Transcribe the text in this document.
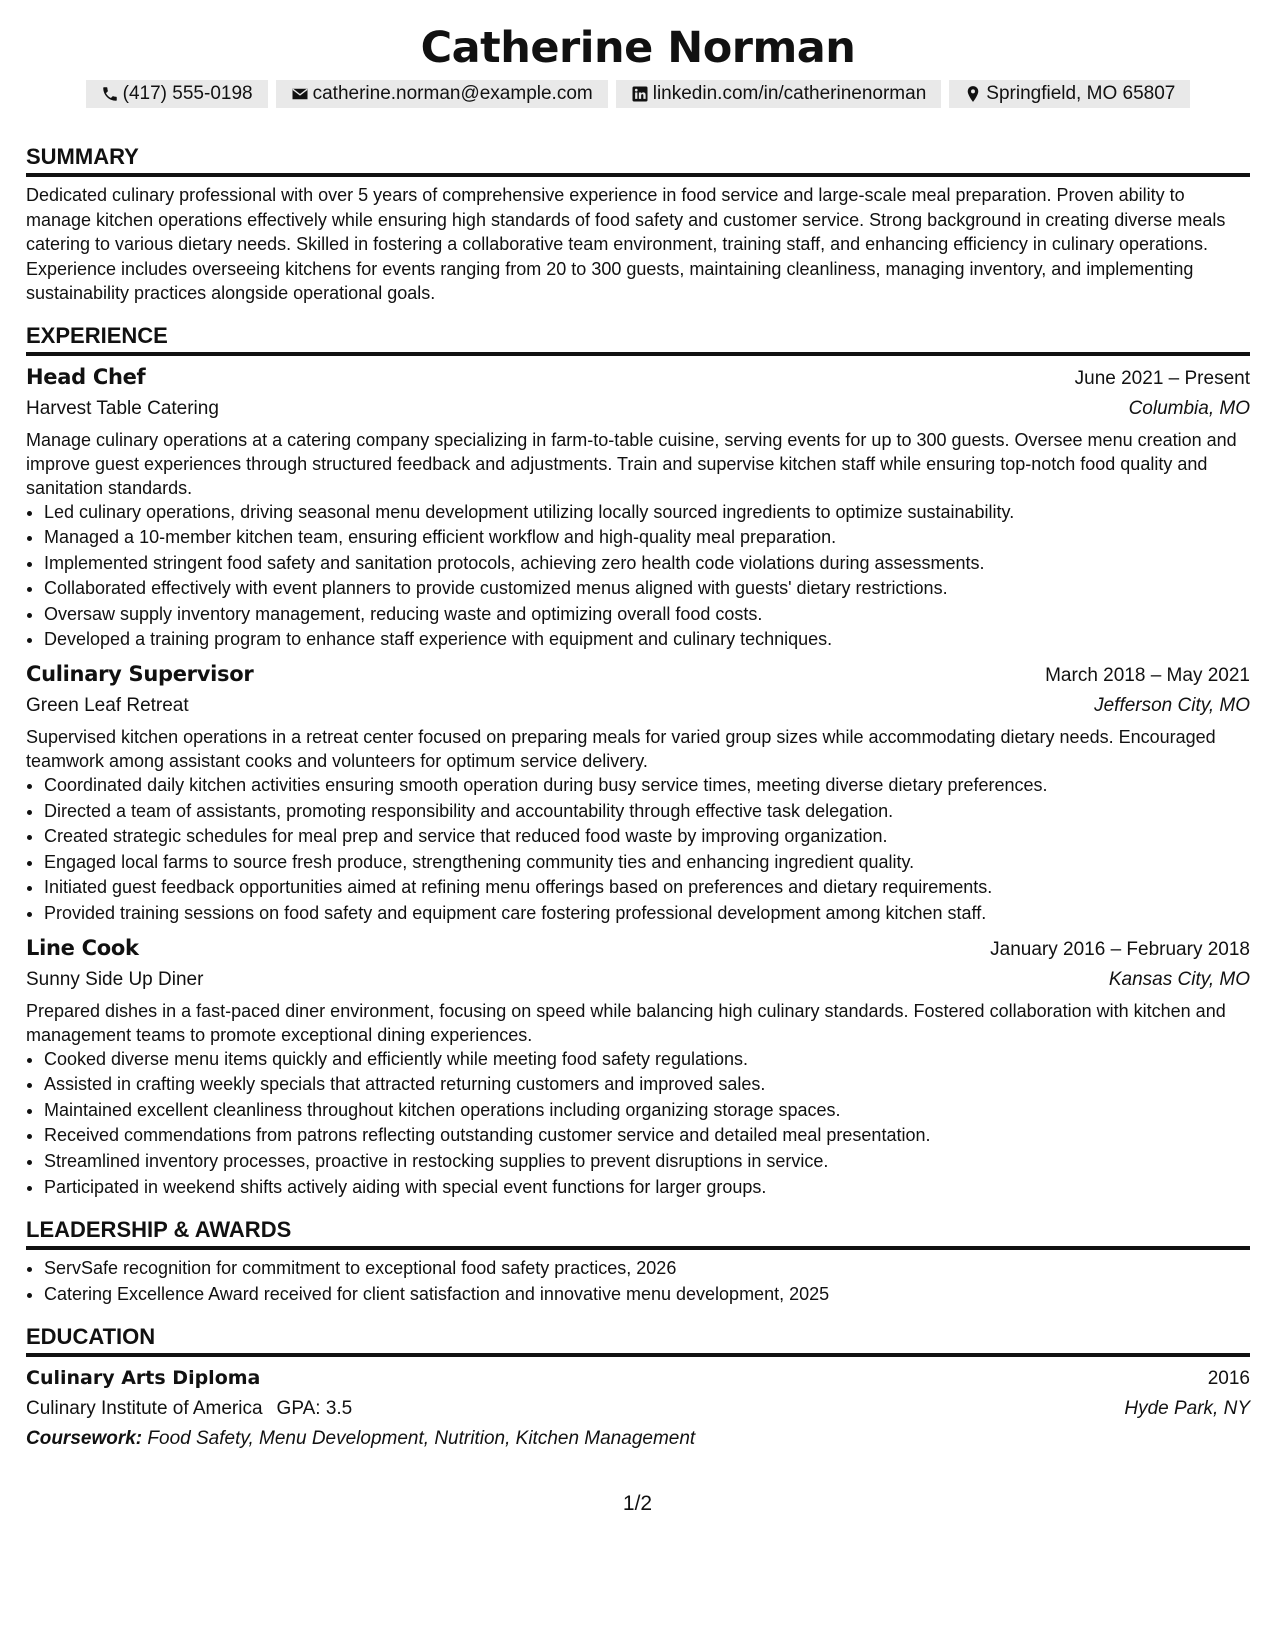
Catherine Norman
(417) 555-0198	catherine.norman@example.com	linkedin.com/in/catherinenorman	Springfield, MO 65807
SUMMARY

Dedicated culinary professional with over 5 years of comprehensive experience in food service and large-scale meal preparation. Proven ability to manage kitchen operations effectively while ensuring high standards of food safety and customer service. Strong background in creating diverse meals catering to various dietary needs. Skilled in fostering a collaborative team environment, training staff, and enhancing efficiency in culinary operations. Experience includes overseeing kitchens for events ranging from 20 to 300 guests, maintaining cleanliness, managing inventory, and implementing sustainability practices alongside operational goals.

EXPERIENCE
Head Chef	June 2021 – Present
Harvest Table Catering	Columbia, MO

Manage culinary operations at a catering company specializing in farm-to-table cuisine, serving events for up to 300 guests. Oversee menu creation and improve guest experiences through structured feedback and adjustments. Train and supervise kitchen staff while ensuring top-notch food quality and sanitation standards.

• Led culinary operations, driving seasonal menu development utilizing locally sourced ingredients to optimize sustainability.
• Managed a 10-member kitchen team, ensuring efficient workflow and high-quality meal preparation.
• Implemented stringent food safety and sanitation protocols, achieving zero health code violations during assessments.
• Collaborated effectively with event planners to provide customized menus aligned with guests' dietary restrictions.
• Oversaw supply inventory management, reducing waste and optimizing overall food costs.
• Developed a training program to enhance staff experience with equipment and culinary techniques.
Culinary Supervisor	March 2018 – May 2021
Green Leaf Retreat	Jefferson City, MO

Supervised kitchen operations in a retreat center focused on preparing meals for varied group sizes while accommodating dietary needs. Encouraged teamwork among assistant cooks and volunteers for optimum service delivery.

• Coordinated daily kitchen activities ensuring smooth operation during busy service times, meeting diverse dietary preferences.
• Directed a team of assistants, promoting responsibility and accountability through effective task delegation.
• Created strategic schedules for meal prep and service that reduced food waste by improving organization.
• Engaged local farms to source fresh produce, strengthening community ties and enhancing ingredient quality.
• Initiated guest feedback opportunities aimed at refining menu offerings based on preferences and dietary requirements.
• Provided training sessions on food safety and equipment care fostering professional development among kitchen staff.
Line Cook	January 2016 – February 2018
Sunny Side Up Diner	Kansas City, MO

Prepared dishes in a fast-paced diner environment, focusing on speed while balancing high culinary standards. Fostered collaboration with kitchen and management teams to promote exceptional dining experiences.

• Cooked diverse menu items quickly and efficiently while meeting food safety regulations.
• Assisted in crafting weekly specials that attracted returning customers and improved sales.
• Maintained excellent cleanliness throughout kitchen operations including organizing storage spaces.
• Received commendations from patrons reflecting outstanding customer service and detailed meal presentation.
• Streamlined inventory processes, proactive in restocking supplies to prevent disruptions in service.
• Participated in weekend shifts actively aiding with special event functions for larger groups.
LEADERSHIP & AWARDS
• ServSafe recognition for commitment to exceptional food safety practices, 2026
• Catering Excellence Award received for client satisfaction and innovative menu development, 2025
EDUCATION
Culinary Arts Diploma	2016
Culinary Institute of America GPA: 3.5	Hyde Park, NY
Coursework: Food Safety, Menu Development, Nutrition, Kitchen Management
1/2
